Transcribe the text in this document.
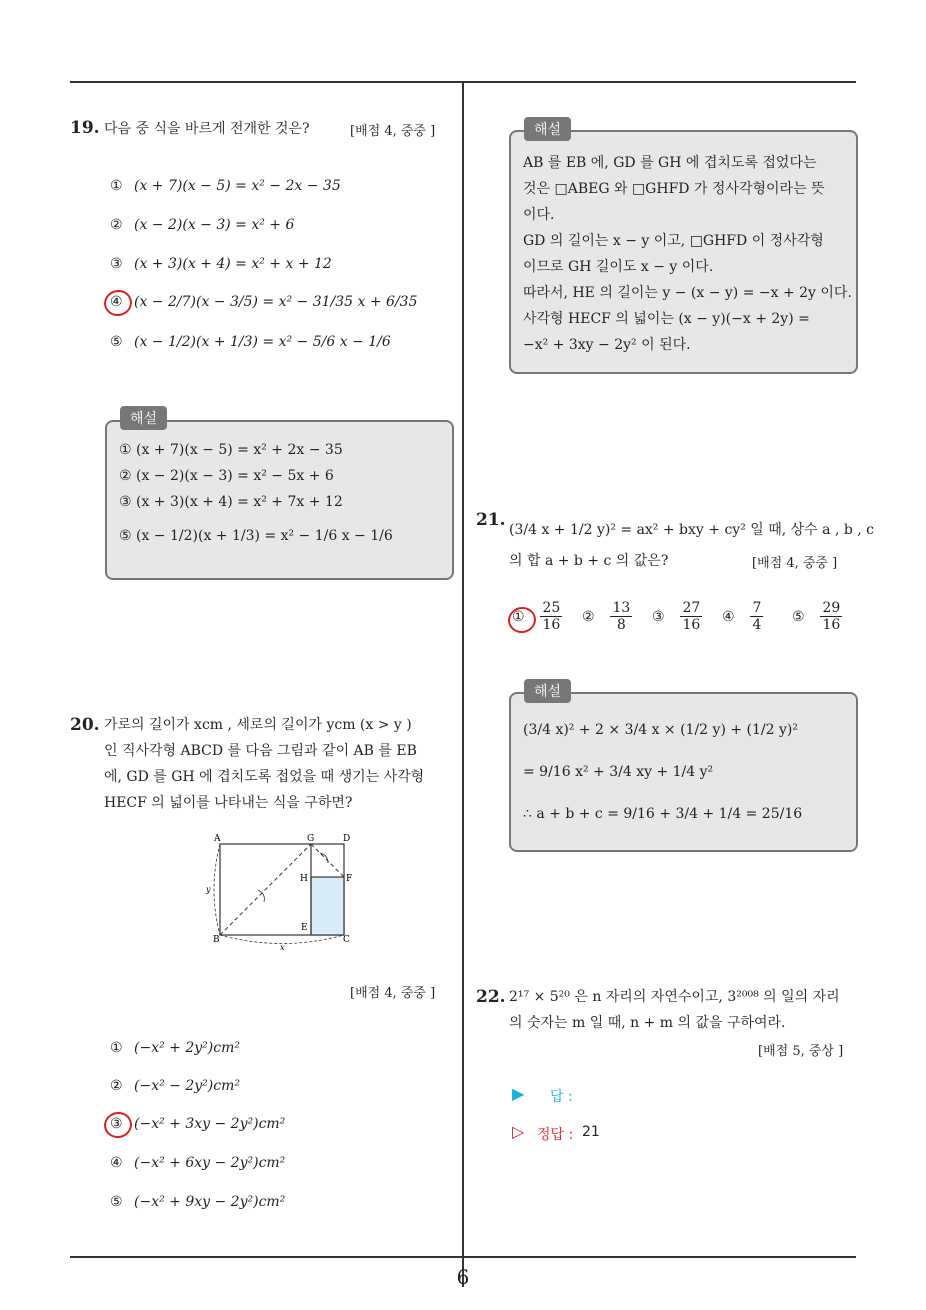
19. 다음 중 식을 바르게 전개한 것은?	[배점 4, 중중 ]
① (x + 7)(x − 5) = x² − 2x − 35
② (x − 2)(x − 3) = x² + 6
③ (x + 3)(x + 4) = x² + x + 12
④ (x − 2/7)(x − 3/5) = x² − 31/35 x + 6/35
⑤ (x − 1/2)(x + 1/3) = x² − 5/6 x − 1/6
① (x + 7)(x − 5) = x² + 2x − 35
② (x − 2)(x − 3) = x² − 5x + 6
③ (x + 3)(x + 4) = x² + 7x + 12
⑤ (x − 1/2)(x + 1/3) = x² − 1/6 x − 1/6
해설
20. 가로의 길이가 xcm , 세로의 길이가 ycm (x > y )
인 직사각형 ABCD 를 다음 그림과 같이 AB 를 EB
에, GD 를 GH 에 겹치도록 접었을 때 생기는 사각형
HECF 의 넓이를 나타내는 식을 구하면?
A	G	D
H	F
E
B	C
y
x
[배점 4, 중중 ]
① (−x² + 2y²)cm²
② (−x² − 2y²)cm²
③ (−x² + 3xy − 2y²)cm²
④ (−x² + 6xy − 2y²)cm²
⑤ (−x² + 9xy − 2y²)cm²
AB 를 EB 에, GD 를 GH 에 겹치도록 접었다는
것은 □ABEG 와 □GHFD 가 정사각형이라는 뜻
이다.
GD 의 길이는 x − y 이고, □GHFD 이 정사각형
이므로 GH 길이도 x − y 이다.
따라서, HE 의 길이는 y − (x − y) = −x + 2y 이다.
사각형 HECF 의 넓이는 (x − y)(−x + 2y) =
−x² + 3xy − 2y² 이 된다.
해설
21. (3/4 x + 1/2 y)² = ax² + bxy + cy² 일 때, 상수 a , b , c
의 합 a + b + c 의 값은?	[배점 4, 중중 ]
① $\frac{25}{16}$ ② $\frac{13}{8}$ ③ $\frac{27}{16}$ ④ $\frac{7}{4}$ ⑤ $\frac{29}{16}$
(3/4 x)² + 2 × 3/4 x × (1/2 y) + (1/2 y)²
= 9/16 x² + 3/4 xy + 1/4 y²
∴ a + b + c = 9/16 + 3/4 + 1/4 = 25/16
해설
22. 2¹⁷ × 5²⁰ 은 n 자리의 자연수이고, 3²⁰⁰⁸ 의 일의 자리
의 숫자는 m 일 때, n + m 의 값을 구하여라.
[배점 5, 중상 ]
▶ 답 :
▷ 정답 : 21
6
